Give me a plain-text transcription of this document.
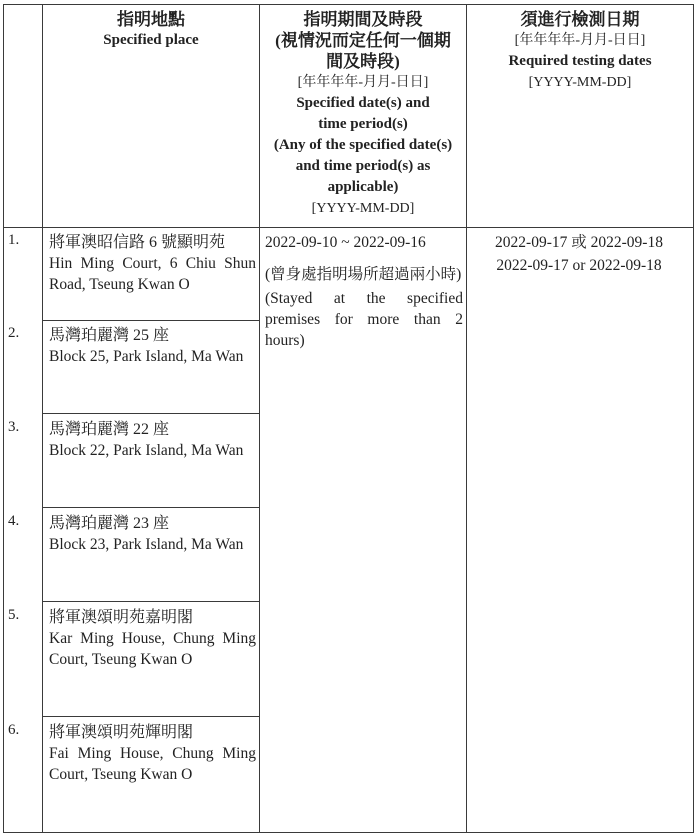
指明地點
Specified place
指明期間及時段
(視情況而定任何一個期間及時段)
[年年年年-月月-日日]
Specified date(s) and time period(s)
(Any of the specified date(s) and time period(s) as applicable)
[YYYY-MM-DD]
須進行檢測日期
[年年年年-月月-日日]
Required testing dates
[YYYY-MM-DD]
1. 將軍澳昭信路 6 號顯明苑
Hin Ming Court, 6 Chiu Shun Road, Tseung Kwan O
2. 馬灣珀麗灣 25 座
Block 25, Park Island, Ma Wan
3. 馬灣珀麗灣 22 座
Block 22, Park Island, Ma Wan
4. 馬灣珀麗灣 23 座
Block 23, Park Island, Ma Wan
5. 將軍澳頌明苑嘉明閣
Kar Ming House, Chung Ming Court, Tseung Kwan O
6. 將軍澳頌明苑輝明閣
Fai Ming House, Chung Ming Court, Tseung Kwan O
2022-09-10 ~ 2022-09-16
(曾身處指明場所超過兩小時)
(Stayed at the specified premises for more than 2 hours)
2022-09-17 或 2022-09-18
2022-09-17 or 2022-09-18
